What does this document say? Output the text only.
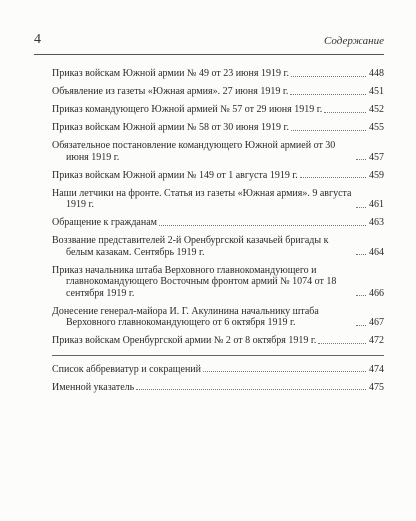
4	Содержание
Приказ войскам Южной армии № 49 от 23 июня 1919 г.	448
Объявление из газеты «Южная армия». 27 июня 1919 г.	451
Приказ командующего Южной армией № 57 от 29 июня 1919 г.	452
Приказ войскам Южной армии № 58 от 30 июня 1919 г.	455
Обязательное постановление командующего Южной армией от 30 июня 1919 г.	457
Приказ войскам Южной армии № 149 от 1 августа 1919 г.	459
Наши летчики на фронте. Статья из газеты «Южная армия». 9 августа 1919 г.	461
Обращение к гражданам	463
Воззвание представителей 2-й Оренбургской казачьей бригады к белым казакам. Сентябрь 1919 г.	464
Приказ начальника штаба Верховного главнокомандующего и главнокомандующего Восточным фронтом армий № 1074 от 18 сентября 1919 г.	466
Донесение генерал-майора И. Г. Акулинина начальнику штаба Верховного главнокомандующего от 6 октября 1919 г.	467
Приказ войскам Оренбургской армии № 2 от 8 октября 1919 г.	472
Список аббревиатур и сокращений	474
Именной указатель	475
